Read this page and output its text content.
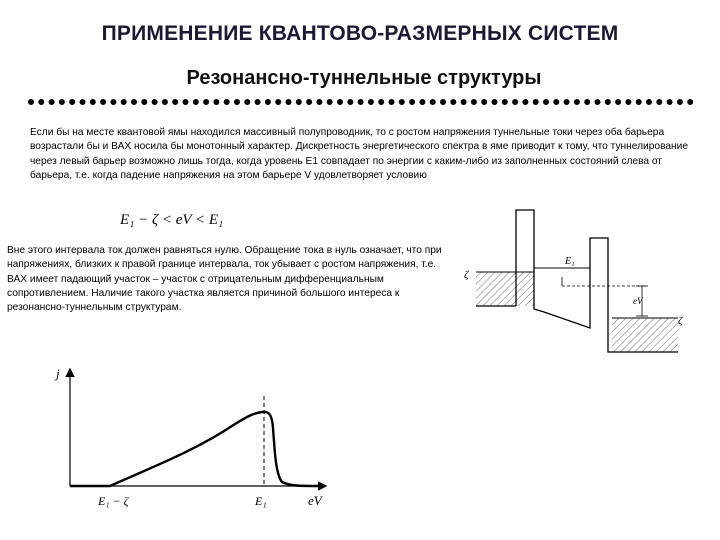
ПРИМЕНЕНИЕ КВАНТОВО-РАЗМЕРНЫХ СИСТЕМ
Резонансно-туннельные структуры
Если бы на месте квантовой ямы находился массивный полупроводник, то с ростом напряжения туннельные токи через оба барьера возрастали бы и ВАХ носила бы монотонный характер. Дискретность энергетического спектра в яме приводит к тому, что туннелирование через левый барьер возможно лишь тогда, когда уровень E1 совпадает по энергии с каким-либо из заполненных состояний слева от барьера, т.е. когда падение напряжения на этом барьере V удовлетворяет условию
E₁ − ζ < eV < E₁
Вне этого интервала ток должен равняться нулю. Обращение тока в нуль означает, что при напряжениях, близких к правой границе интервала, ток убывает с ростом напряжения, т.е. ВАХ имеет падающий участок – участок с отрицательным дифференциальным сопротивлением. Наличие такого участка является причиной большого интереса к резонансно-туннельным структурам.
ζ
E₁
eV
ζ
j
eV
E₁ − ζ	E₁
